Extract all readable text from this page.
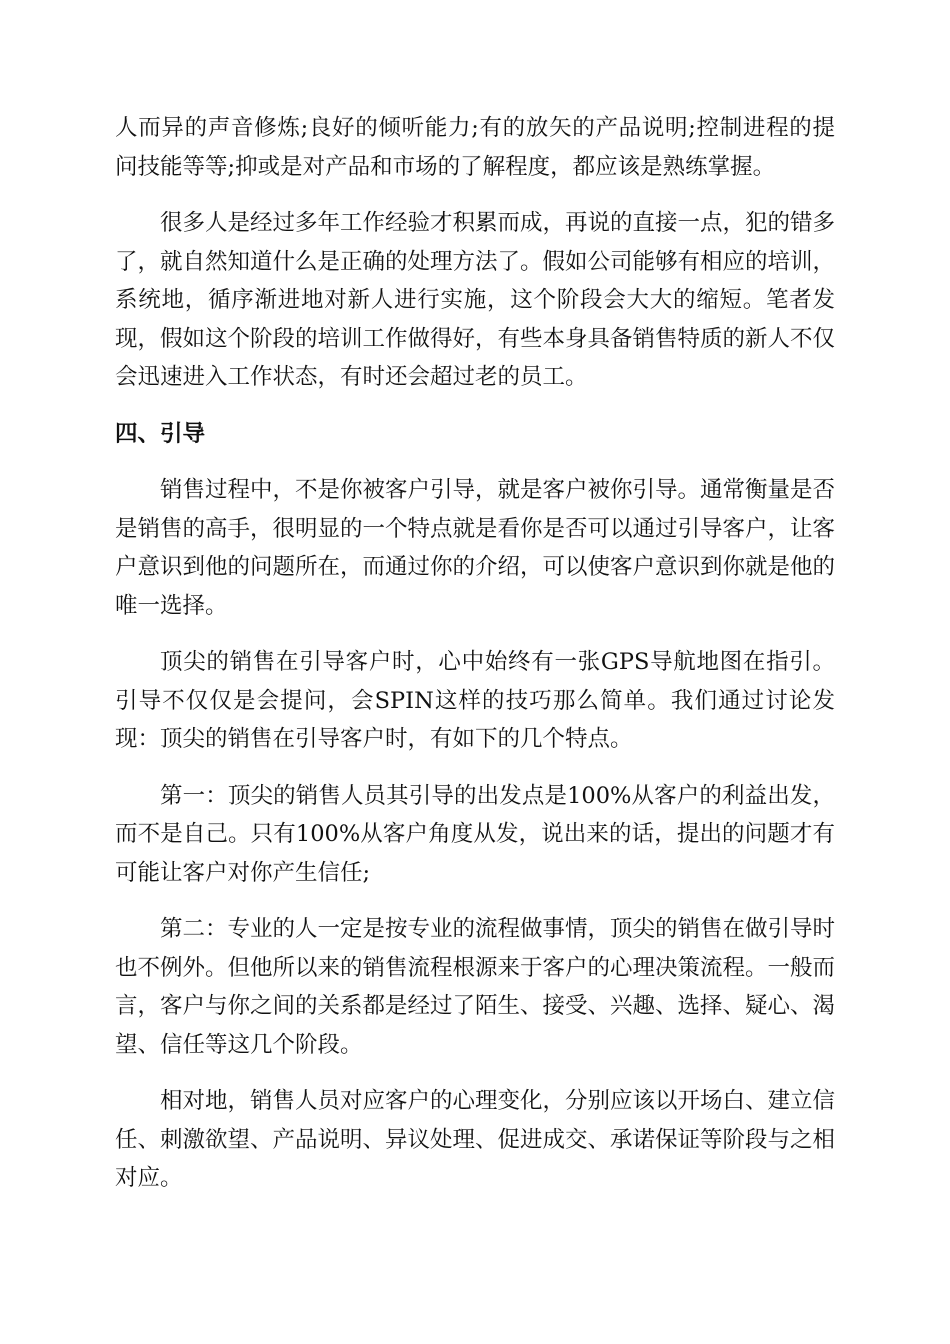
人而异的声音修炼;良好的倾听能力;有的放矢的产品说明;控制进程的提问技能等等;抑或是对产品和市场的了解程度，都应该是熟练掌握。

很多人是经过多年工作经验才积累而成，再说的直接一点，犯的错多了，就自然知道什么是正确的处理方法了。假如公司能够有相应的培训，系统地，循序渐进地对新人进行实施，这个阶段会大大的缩短。笔者发现，假如这个阶段的培训工作做得好，有些本身具备销售特质的新人不仅会迅速进入工作状态，有时还会超过老的员工。

四、引导

销售过程中，不是你被客户引导，就是客户被你引导。通常衡量是否是销售的高手，很明显的一个特点就是看你是否可以通过引导客户，让客户意识到他的问题所在，而通过你的介绍，可以使客户意识到你就是他的唯一选择。

顶尖的销售在引导客户时，心中始终有一张GPS导航地图在指引。引导不仅仅是会提问，会SPIN这样的技巧那么简单。我们通过讨论发现：顶尖的销售在引导客户时，有如下的几个特点。

第一：顶尖的销售人员其引导的出发点是100%从客户的利益出发，而不是自己。只有100%从客户角度从发，说出来的话，提出的问题才有可能让客户对你产生信任;

第二：专业的人一定是按专业的流程做事情，顶尖的销售在做引导时也不例外。但他所以来的销售流程根源来于客户的心理决策流程。一般而言，客户与你之间的关系都是经过了陌生、接受、兴趣、选择、疑心、渴望、信任等这几个阶段。

相对地，销售人员对应客户的心理变化，分别应该以开场白、建立信任、刺激欲望、产品说明、异议处理、促进成交、承诺保证等阶段与之相对应。
